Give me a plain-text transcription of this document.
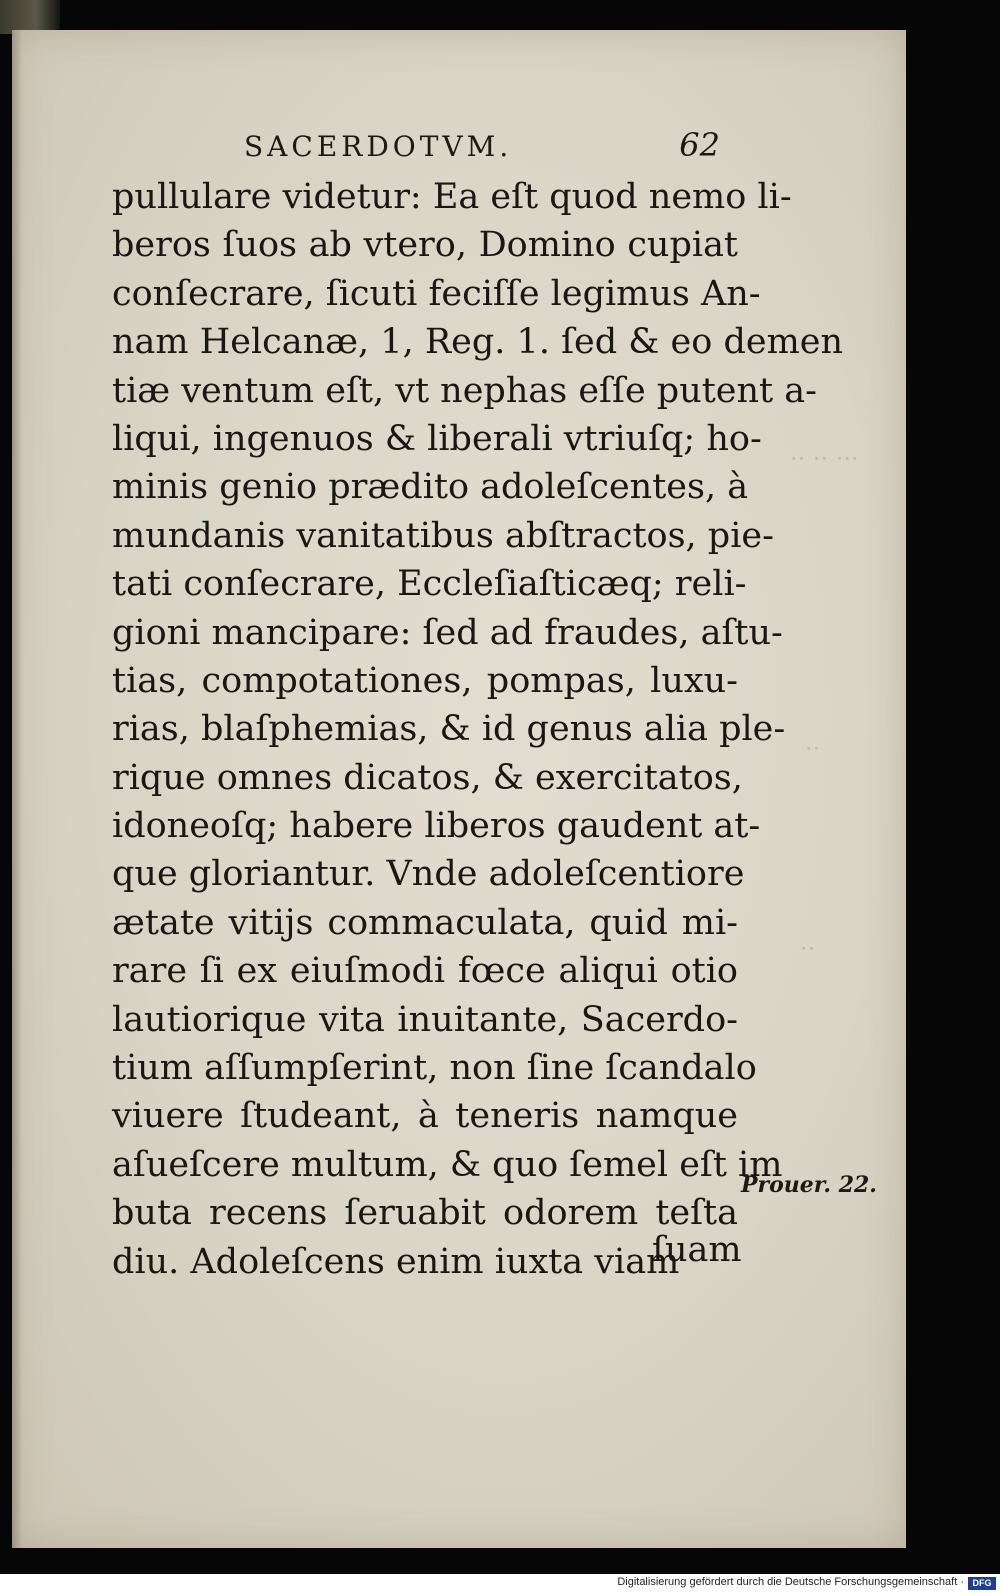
·· ·· ···
··
··
SACERDOTVM.	62
pullulare videtur: Ea eſt quod nemo li-
beros ſuos ab vtero, Domino cupiat
conſecrare, ſicuti feciſſe legimus An-
nam Helcanæ, 1, Reg. 1. ſed & eo demen
tiæ ventum eſt, vt nephas eſſe putent a-
liqui, ingenuos & liberali vtriuſq; ho-
minis genio prædito adoleſcentes, à
mundanis vanitatibus abſtractos, pie-
tati conſecrare, Eccleſiaſticæq; reli-
gioni mancipare: ſed ad fraudes, aſtu-
tias, compotationes, pompas, luxu-
rias, blaſphemias, & id genus alia ple-
rique omnes dicatos, & exercitatos,
idoneoſq; habere liberos gaudent at-
que gloriantur. Vnde adoleſcentiore
ætate vitijs commaculata, quid mi-
rare ſi ex eiuſmodi fœce aliqui otio
lautiorique vita inuitante, Sacerdo-
tium aſſumpſerint, non ſine ſcandalo
viuere ſtudeant, à teneris namque
aſueſcere multum, & quo ſemel eſt im
buta recens ſeruabit odorem teſta
diu. Adoleſcens enim iuxta viam
ſuam
Prouer. 22.
Digitalisierung gefördert durch die Deutsche Forschungsgemeinschaft · DFG
